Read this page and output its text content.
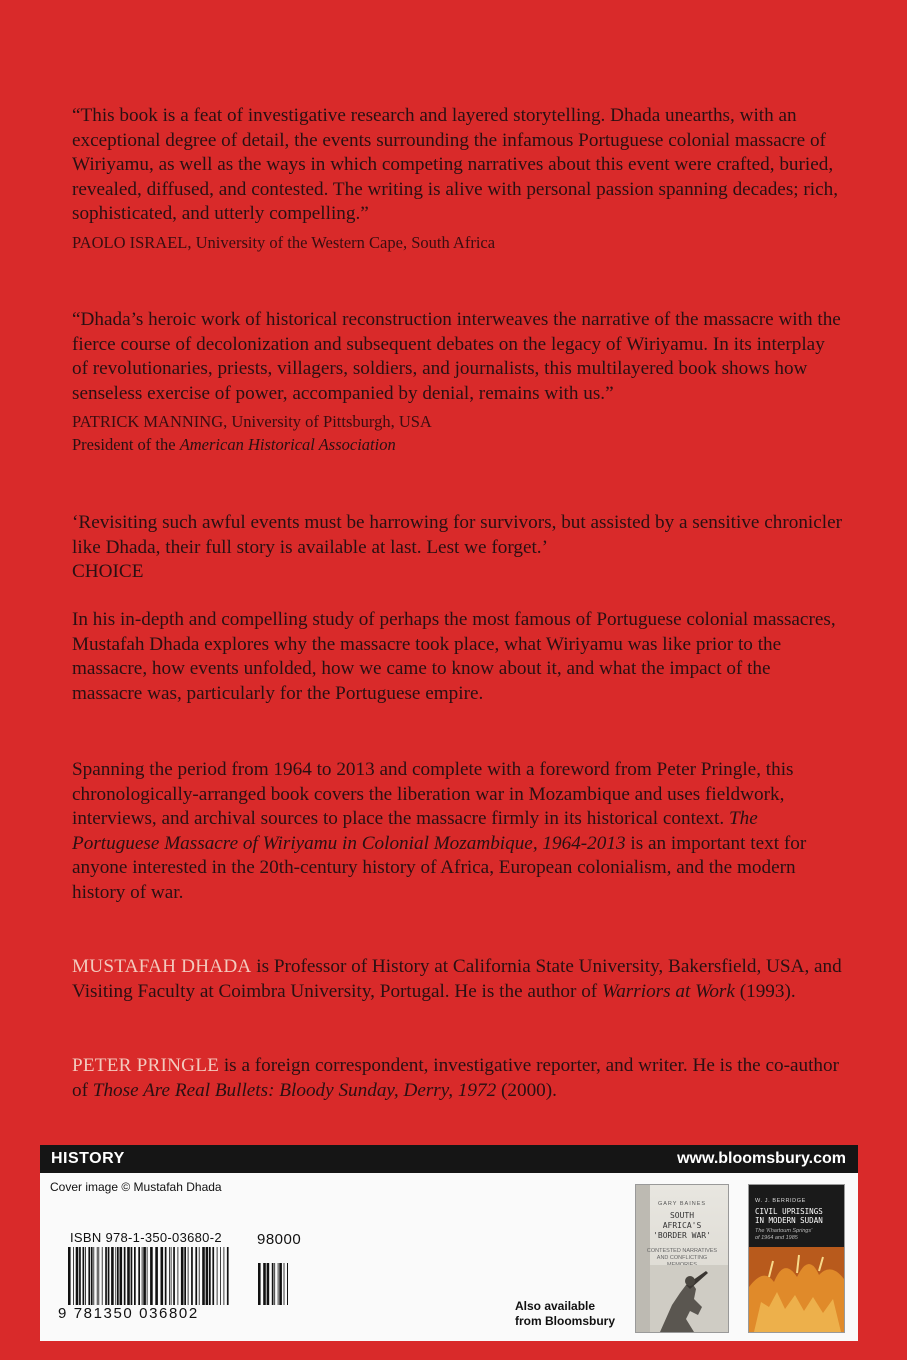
“This book is a feat of investigative research and layered storytelling. Dhada unearths, with an exceptional degree of detail, the events surrounding the infamous Portuguese colonial massacre of Wiriyamu, as well as the ways in which competing narratives about this event were crafted, buried, revealed, diffused, and contested. The writing is alive with personal passion spanning decades; rich, sophisticated, and utterly compelling.”

PAOLO ISRAEL, University of the Western Cape, South Africa

“Dhada’s heroic work of historical reconstruction interweaves the narrative of the massacre with the fierce course of decolonization and subsequent debates on the legacy of Wiriyamu. In its interplay of revolutionaries, priests, villagers, soldiers, and journalists, this multilayered book shows how senseless exercise of power, accompanied by denial, remains with us.”

PATRICK MANNING, University of Pittsburgh, USA
President of the American Historical Association

‘Revisiting such awful events must be harrowing for survivors, but assisted by a sensitive chronicler like Dhada, their full story is available at last. Lest we forget.’

CHOICE

In his in-depth and compelling study of perhaps the most famous of Portuguese colonial massacres, Mustafah Dhada explores why the massacre took place, what Wiriyamu was like prior to the massacre, how events unfolded, how we came to know about it, and what the impact of the massacre was, particularly for the Portuguese empire.

Spanning the period from 1964 to 2013 and complete with a foreword from Peter Pringle, this chronologically-arranged book covers the liberation war in Mozambique and uses fieldwork, interviews, and archival sources to place the massacre firmly in its historical context. The Portuguese Massacre of Wiriyamu in Colonial Mozambique, 1964-2013 is an important text for anyone interested in the 20th-century history of Africa, European colonialism, and the modern history of war.

MUSTAFAH DHADA is Professor of History at California State University, Bakersfield, USA, and Visiting Faculty at Coimbra University, Portugal. He is the author of Warriors at Work (1993).

PETER PRINGLE is a foreign correspondent, investigative reporter, and writer. He is the co-author of Those Are Real Bullets: Bloody Sunday, Derry, 1972 (2000).

HISTORY	www.bloomsbury.com
Cover image © Mustafah Dhada
ISBN 978-1-350-03680-2 98000
9 781350 036802	Also available
from Bloomsbury
GARY BAINES
SOUTH
AFRICA'S
'BORDER WAR'
CONTESTED NARRATIVES
AND CONFLICTING
W. J. BERRIDGE
CIVIL UPRISINGS
IN MODERN SUDAN
The 'Khartoum Springs'
of 1964 and 1985
